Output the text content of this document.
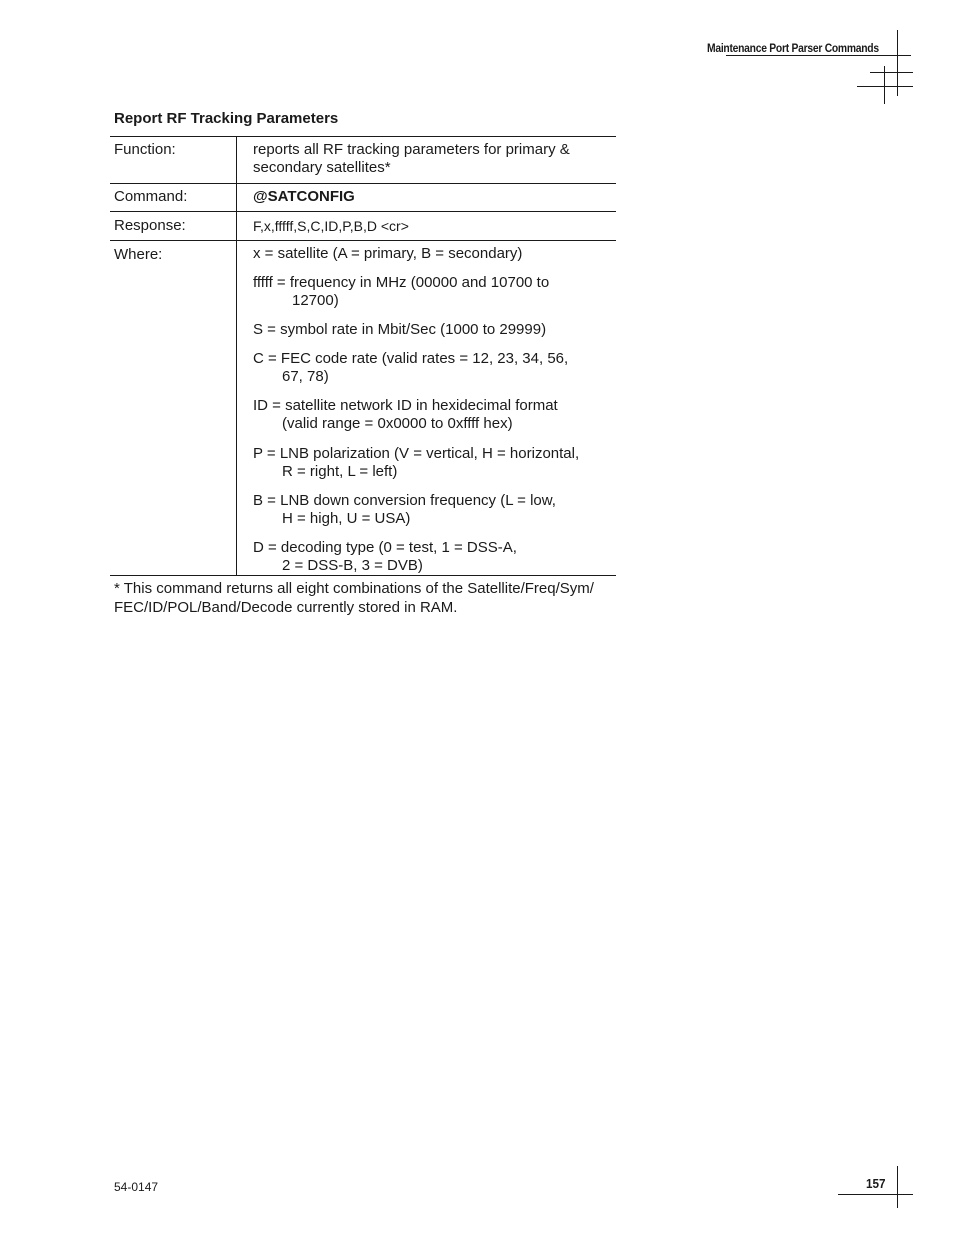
Maintenance Port Parser Commands
Report RF Tracking Parameters
Function:	reports all RF tracking parameters for primary &
secondary satellites*
Command:	@SATCONFIG
Response:	F,x,fffff,S,C,ID,P,B,D <cr>
Where:	x = satellite (A = primary, B = secondary)
fffff = frequency in MHz (00000 and 10700 to
12700)
S = symbol rate in Mbit/Sec (1000 to 29999)
C = FEC code rate (valid rates = 12, 23, 34, 56,
67, 78)
ID = satellite network ID in hexidecimal format
(valid range = 0x0000 to 0xffff hex)
P = LNB polarization (V = vertical, H = horizontal,
R = right, L = left)
B = LNB down conversion frequency (L = low,
H = high, U = USA)
D = decoding type (0 = test, 1 = DSS-A,
2 = DSS-B, 3 = DVB)
* This command returns all eight combinations of the Satellite/Freq/Sym/
FEC/ID/POL/Band/Decode currently stored in RAM.
54-0147	157
